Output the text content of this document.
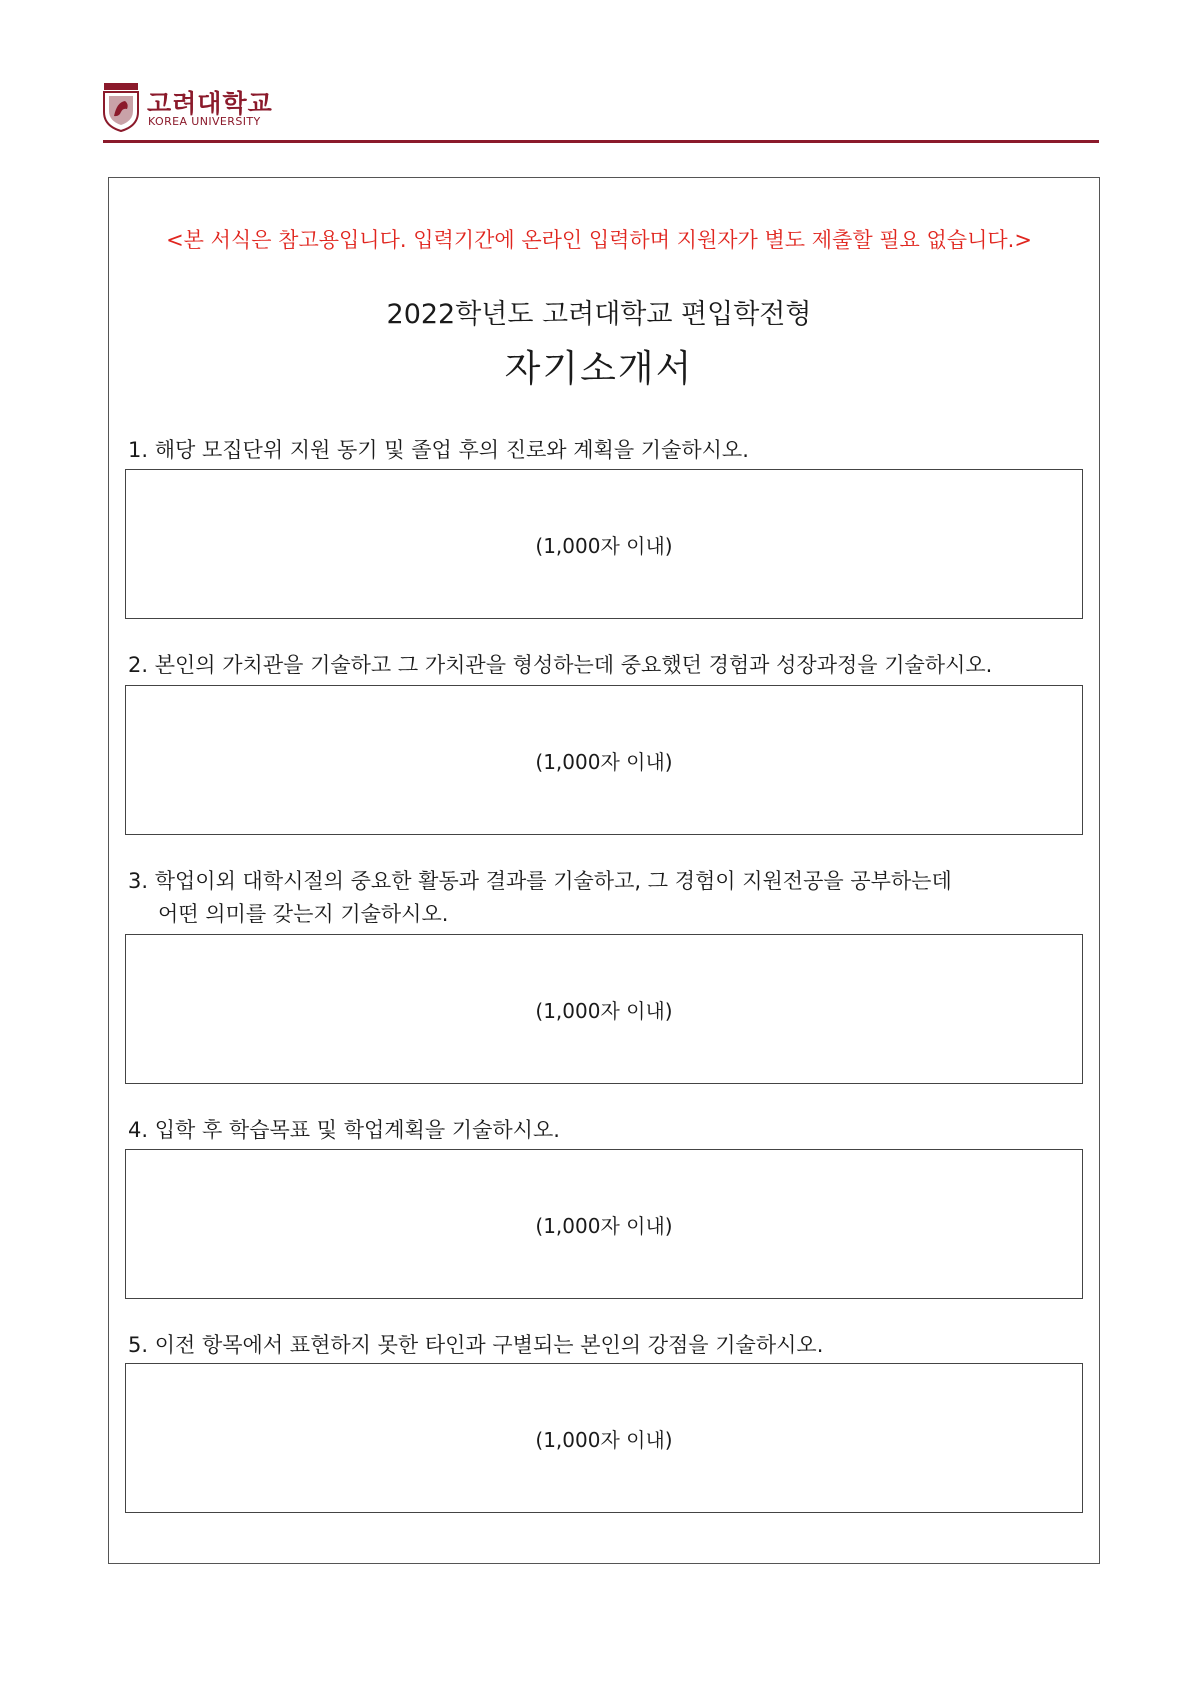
고려대학교
KOREA UNIVERSITY
<본 서식은 참고용입니다. 입력기간에 온라인 입력하며 지원자가 별도 제출할 필요 없습니다.>
2022학년도 고려대학교 편입학전형
자기소개서
1. 해당 모집단위 지원 동기 및 졸업 후의 진로와 계획을 기술하시오.
(1,000자 이내)
2. 본인의 가치관을 기술하고 그 가치관을 형성하는데 중요했던 경험과 성장과정을 기술하시오.
(1,000자 이내)
3. 학업이외 대학시절의 중요한 활동과 결과를 기술하고, 그 경험이 지원전공을 공부하는데
어떤 의미를 갖는지 기술하시오.
(1,000자 이내)
4. 입학 후 학습목표 및 학업계획을 기술하시오.
(1,000자 이내)
5. 이전 항목에서 표현하지 못한 타인과 구별되는 본인의 강점을 기술하시오.
(1,000자 이내)
